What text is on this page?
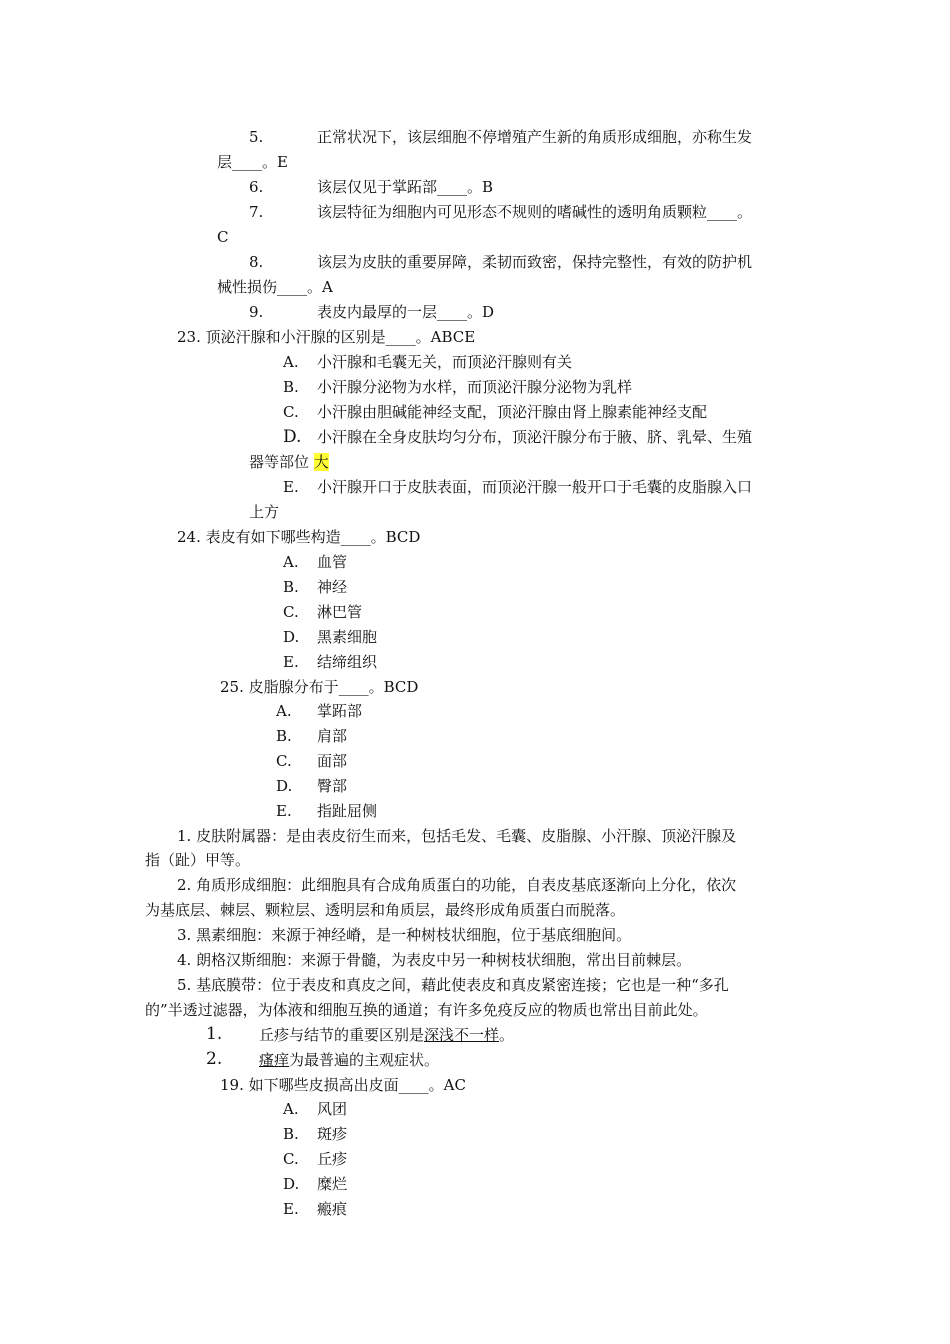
5.	正常状况下，该层细胞不停增殖产生新的角质形成细胞，亦称生发
层____。E
6.	该层仅见于掌跖部____。B
7.	该层特征为细胞内可见形态不规则的嗜碱性的透明角质颗粒____。
C
8.	该层为皮肤的重要屏障，柔韧而致密，保持完整性，有效的防护机
械性损伤____。A
9.	表皮内最厚的一层____。D
23. 顶泌汗腺和小汗腺的区别是____。ABCE
A. 小汗腺和毛囊无关，而顶泌汗腺则有关
B. 小汗腺分泌物为水样，而顶泌汗腺分泌物为乳样
C. 小汗腺由胆碱能神经支配，顶泌汗腺由肾上腺素能神经支配
D. 小汗腺在全身皮肤均匀分布，顶泌汗腺分布于腋、脐、乳晕、生殖
器等部位 大
E. 小汗腺开口于皮肤表面，而顶泌汗腺一般开口于毛囊的皮脂腺入口
上方
24. 表皮有如下哪些构造____。BCD
A. 血管
B. 神经
C. 淋巴管
D. 黑素细胞
E. 结缔组织
25. 皮脂腺分布于____。BCD
A. 掌跖部
B. 肩部
C. 面部
D. 臀部
E. 指趾屈侧
1. 皮肤附属器：是由表皮衍生而来，包括毛发、毛囊、皮脂腺、小汗腺、顶泌汗腺及
指（趾）甲等。
2. 角质形成细胞：此细胞具有合成角质蛋白的功能，自表皮基底逐渐向上分化，依次
为基底层、棘层、颗粒层、透明层和角质层，最终形成角质蛋白而脱落。
3. 黑素细胞：来源于神经嵴，是一种树枝状细胞，位于基底细胞间。
4. 朗格汉斯细胞：来源于骨髓，为表皮中另一种树枝状细胞，常出目前棘层。
5. 基底膜带：位于表皮和真皮之间，藉此使表皮和真皮紧密连接；它也是一种“多孔
的”半透过滤器，为体液和细胞互换的通道；有许多免疫反应的物质也常出目前此处。
1. 丘疹与结节的重要区别是深浅不一样。
2. 瘙痒为最普遍的主观症状。
19. 如下哪些皮损高出皮面____。AC
A. 风团
B. 斑疹
C. 丘疹
D. 糜烂
E. 瘢痕
